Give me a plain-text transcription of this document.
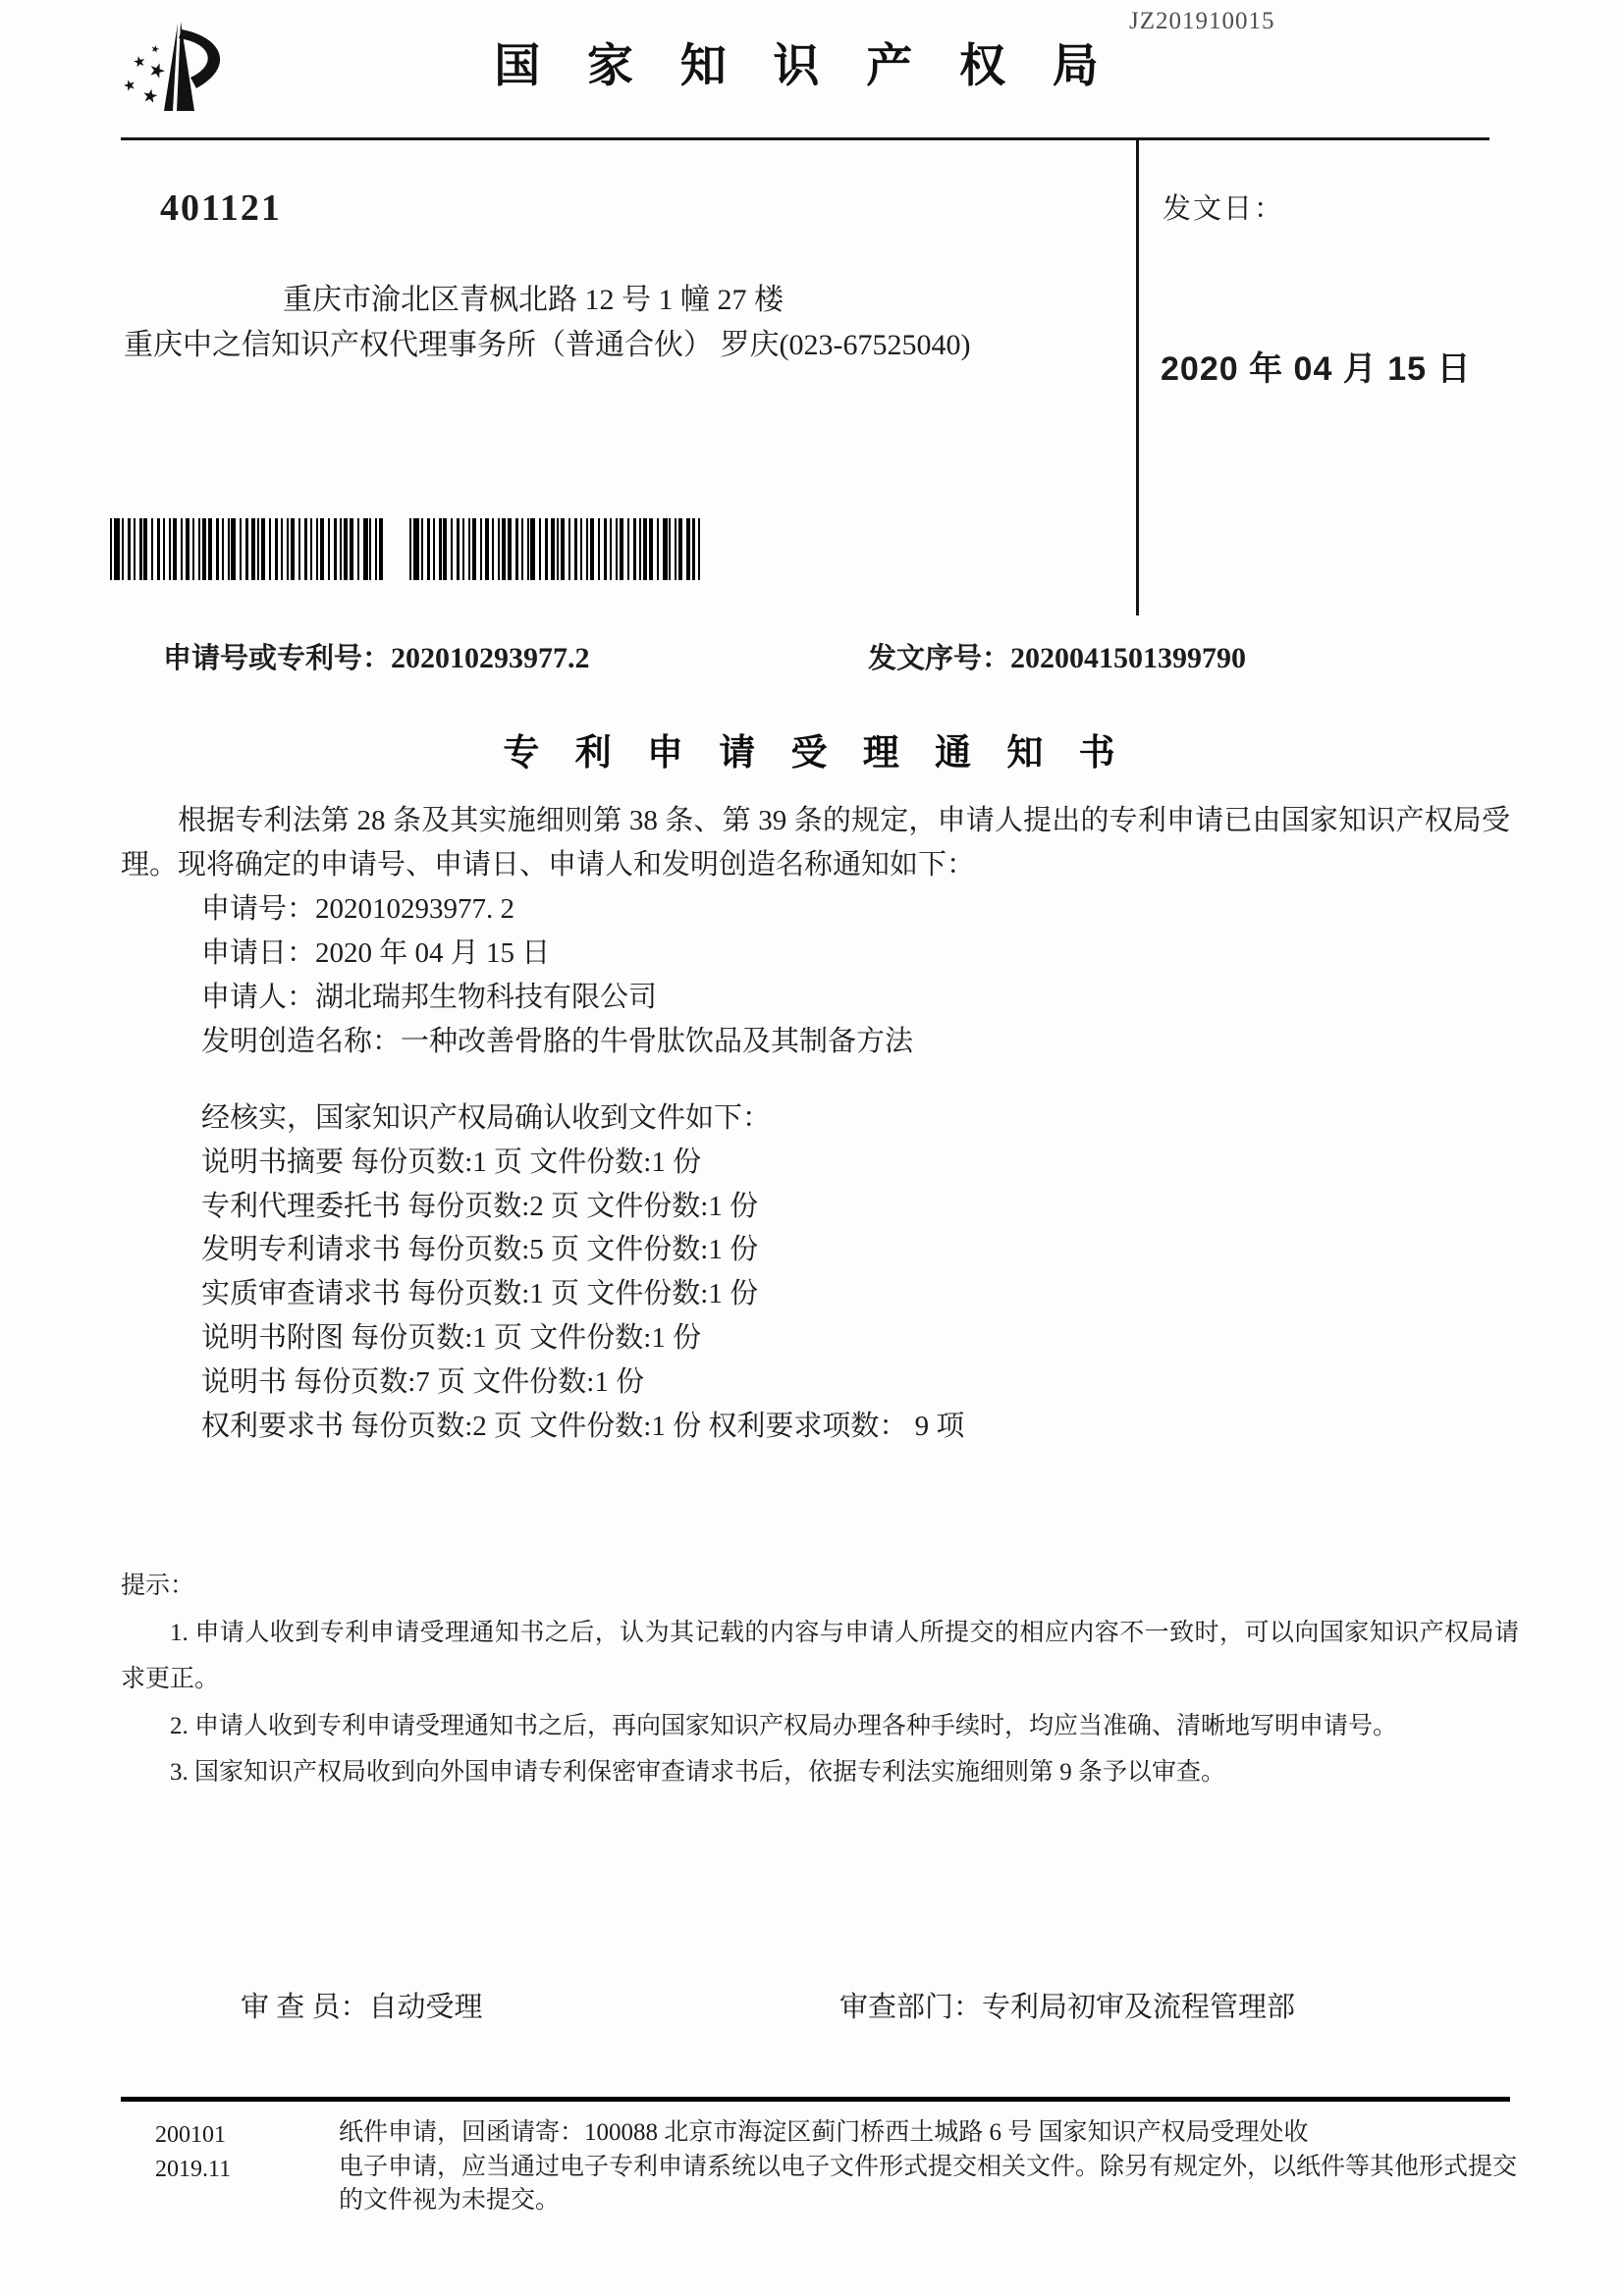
JZ201910015
国 家 知 识 产 权 局
401121
重庆市渝北区青枫北路 12 号 1 幢 27 楼
重庆中之信知识产权代理事务所（普通合伙） 罗庆(023-67525040)
发文日：
2020 年 04 月 15 日
申请号或专利号：202010293977.2	发文序号：2020041501399790
专 利 申 请 受 理 通 知 书

根据专利法第 28 条及其实施细则第 38 条、第 39 条的规定，申请人提出的专利申请已由国家知识产权局受理。现将确定的申请号、申请日、申请人和发明创造名称通知如下：

申请号：202010293977. 2
申请日：2020 年 04 月 15 日
申请人：湖北瑞邦生物科技有限公司
发明创造名称：一种改善骨胳的牛骨肽饮品及其制备方法
经核实，国家知识产权局确认收到文件如下：
说明书摘要 每份页数:1 页 文件份数:1 份
专利代理委托书 每份页数:2 页 文件份数:1 份
发明专利请求书 每份页数:5 页 文件份数:1 份
实质审查请求书 每份页数:1 页 文件份数:1 份
说明书附图 每份页数:1 页 文件份数:1 份
说明书 每份页数:7 页 文件份数:1 份
权利要求书 每份页数:2 页 文件份数:1 份 权利要求项数： 9 项
提示：

1. 申请人收到专利申请受理通知书之后，认为其记载的内容与申请人所提交的相应内容不一致时，可以向国家知识产权局请求更正。

2. 申请人收到专利申请受理通知书之后，再向国家知识产权局办理各种手续时，均应当准确、清晰地写明申请号。

3. 国家知识产权局收到向外国申请专利保密审查请求书后，依据专利法实施细则第 9 条予以审查。

审 查 员：自动受理	审查部门：专利局初审及流程管理部
200101
2019.11

纸件申请，回函请寄：100088 北京市海淀区蓟门桥西土城路 6 号 国家知识产权局受理处收

电子申请，应当通过电子专利申请系统以电子文件形式提交相关文件。除另有规定外，以纸件等其他形式提交的文件视为未提交。
